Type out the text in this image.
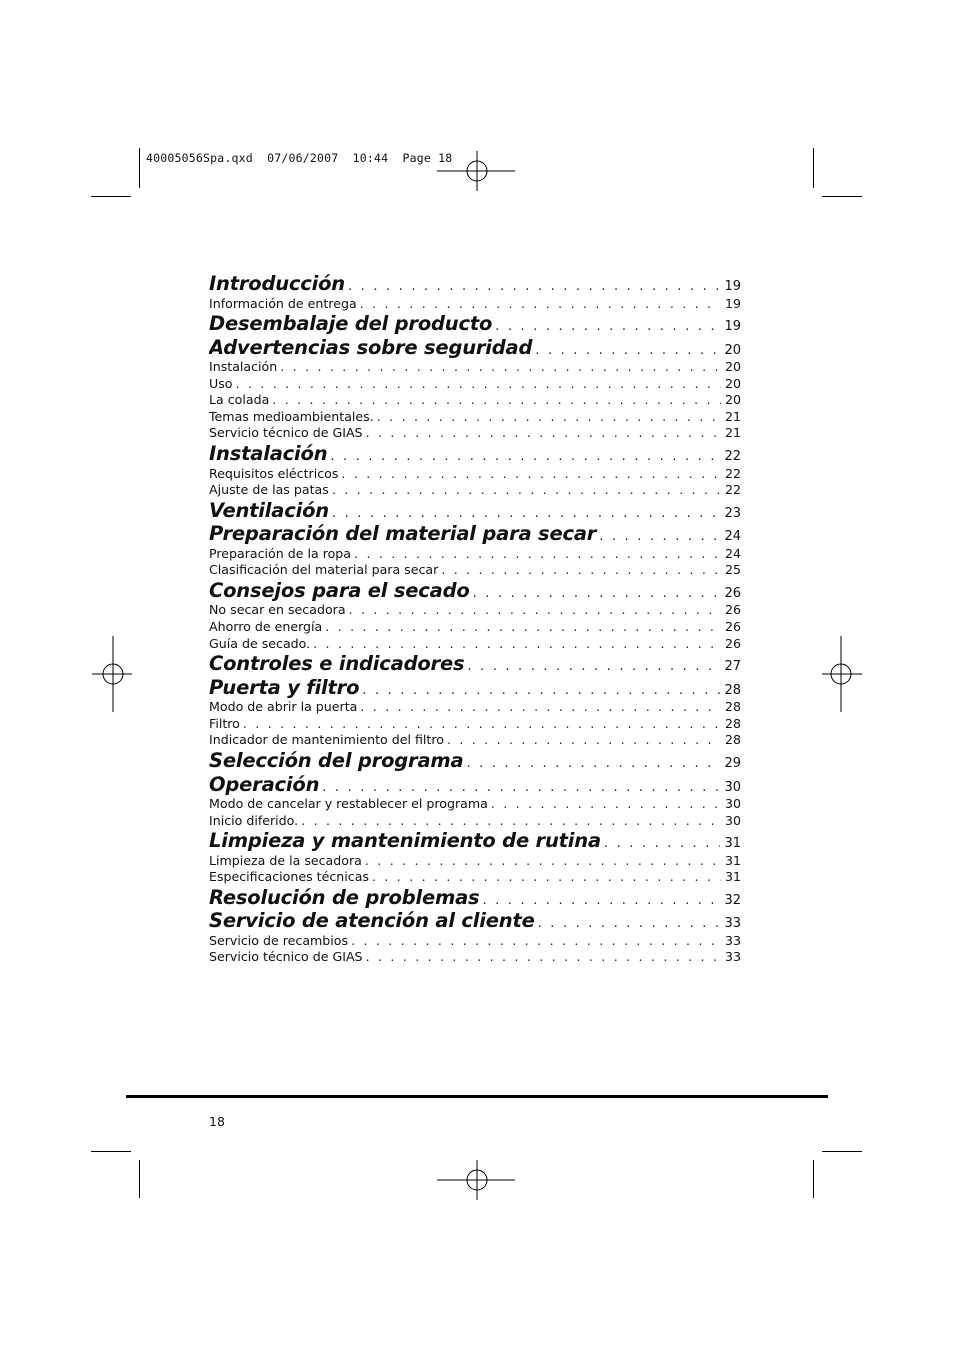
40005056Spa.qxd  07/06/2007  10:44  Page 18
Introducción . . .	19
Información de entrega . . .	19
Desembalaje del producto . . .	19
Advertencias sobre seguridad . . .	20
Instalación . . .	20
Uso . . .	20
La colada . . .	20
Temas medioambientales. . . .	21
Servicio técnico de GIAS . . .	21
Instalación . . .	22
Requisitos eléctricos . . .	22
Ajuste de las patas . . .	22
Ventilación . . .	23
Preparación del material para secar . . .	24
Preparación de la ropa . . .	24
Clasificación del material para secar . . .	25
Consejos para el secado . . .	26
No secar en secadora . . .	26
Ahorro de energía . . .	26
Guía de secado. . . .	26
Controles e indicadores . . .	27
Puerta y filtro . . .	28
Modo de abrir la puerta . . .	28
Filtro . . .	28
Indicador de mantenimiento del filtro . . .	28
Selección del programa . . .	29
Operación . . .	30
Modo de cancelar y restablecer el programa . . .	30
Inicio diferido. . . .	30
Limpieza y mantenimiento de rutina . . .	31
Limpieza de la secadora . . .	31
Especificaciones técnicas . . .	31
Resolución de problemas . . .	32
Servicio de atención al cliente . . .	33
Servicio de recambios . . .	33
Servicio técnico de GIAS . . .	33
18
